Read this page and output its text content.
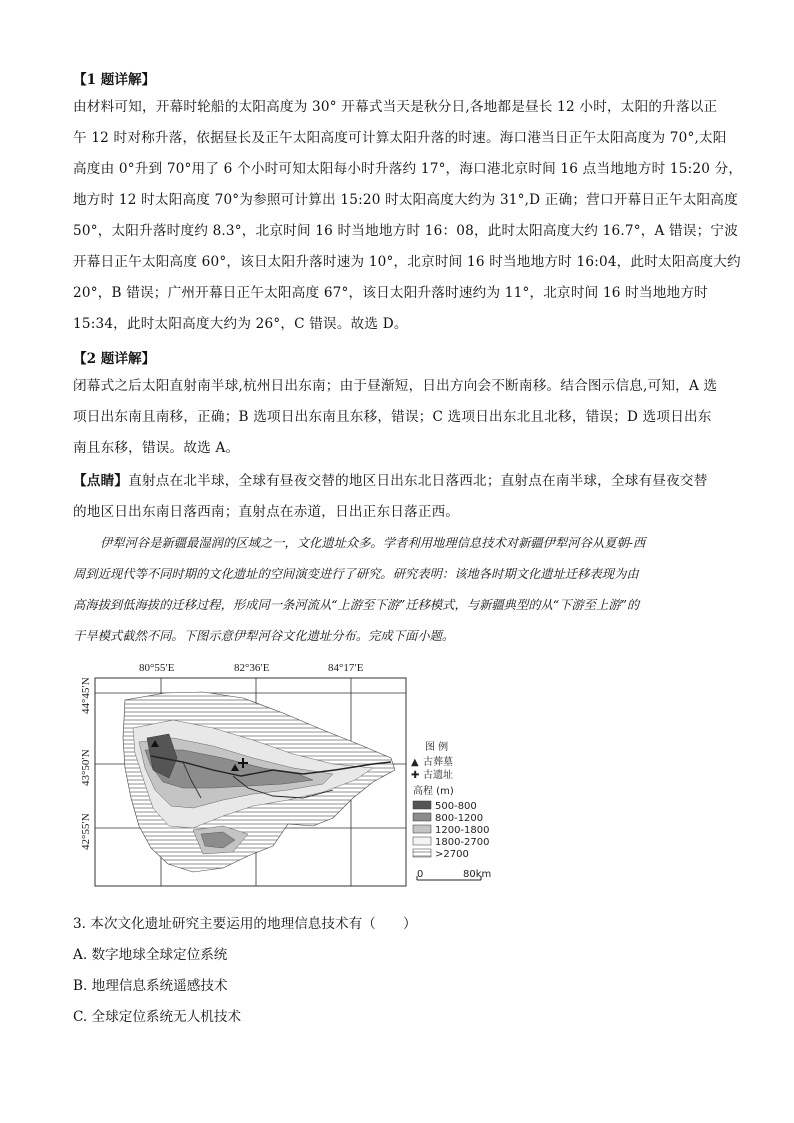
【1 题详解】
由材料可知，开幕时轮船的太阳高度为 30° 开幕式当天是秋分日,各地都是昼长 12 小时，太阳的升落以正
午 12 时对称升落，依据昼长及正午太阳高度可计算太阳升落的时速。海口港当日正午太阳高度为 70°,太阳
高度由 0°升到 70°用了 6 个小时可知太阳每小时升落约 17°，海口港北京时间 16 点当地地方时 15:20 分，
地方时 12 时太阳高度 70°为参照可计算出 15:20 时太阳高度大约为 31°,D 正确；营口开幕日正午太阳高度
50°，太阳升落时度约 8.3°，北京时间 16 时当地地方时 16：08，此时太阳高度大约 16.7°，A 错误；宁波
开幕日正午太阳高度 60°，该日太阳升落时速为 10°，北京时间 16 时当地地方时 16:04，此时太阳高度大约
20°，B 错误；广州开幕日正午太阳高度 67°，该日太阳升落时速约为 11°，北京时间 16 时当地地方时
15:34，此时太阳高度大约为 26°，C 错误。故选 D。
【2 题详解】
闭幕式之后太阳直射南半球,杭州日出东南；由于昼渐短，日出方向会不断南移。结合图示信息,可知，A 选
项日出东南且南移，正确；B 选项日出东南且东移，错误；C 选项日出东北且北移，错误；D 选项日出东
南且东移，错误。故选 A。
【点睛】直射点在北半球，全球有昼夜交替的地区日出东北日落西北；直射点在南半球，全球有昼夜交替
的地区日出东南日落西南；直射点在赤道，日出正东日落正西。
伊犁河谷是新疆最湿润的区域之一，文化遗址众多。学者利用地理信息技术对新疆伊犁河谷从夏朝-西
周到近现代等不同时期的文化遗址的空间演变进行了研究。研究表明：该地各时期文化遗址迁移表现为由
高海拔到低海拔的迁移过程，形成同一条河流从“上游至下游”迁移模式，与新疆典型的从“下游至上游”的
干旱模式截然不同。下图示意伊犁河谷文化遗址分布。完成下面小题。
80°55′E	82°36′E	84°17′E
44°45′N
43°50′N
42°55′N
图 例
▲ 古葬墓
✚ 古遗址
高程 (m)
500-800
800-1200
1200-1800
1800-2700
>2700
0	80km
3. 本次文化遗址研究主要运用的地理信息技术有（　　）
A. 数字地球全球定位系统
B. 地理信息系统遥感技术
C. 全球定位系统无人机技术
